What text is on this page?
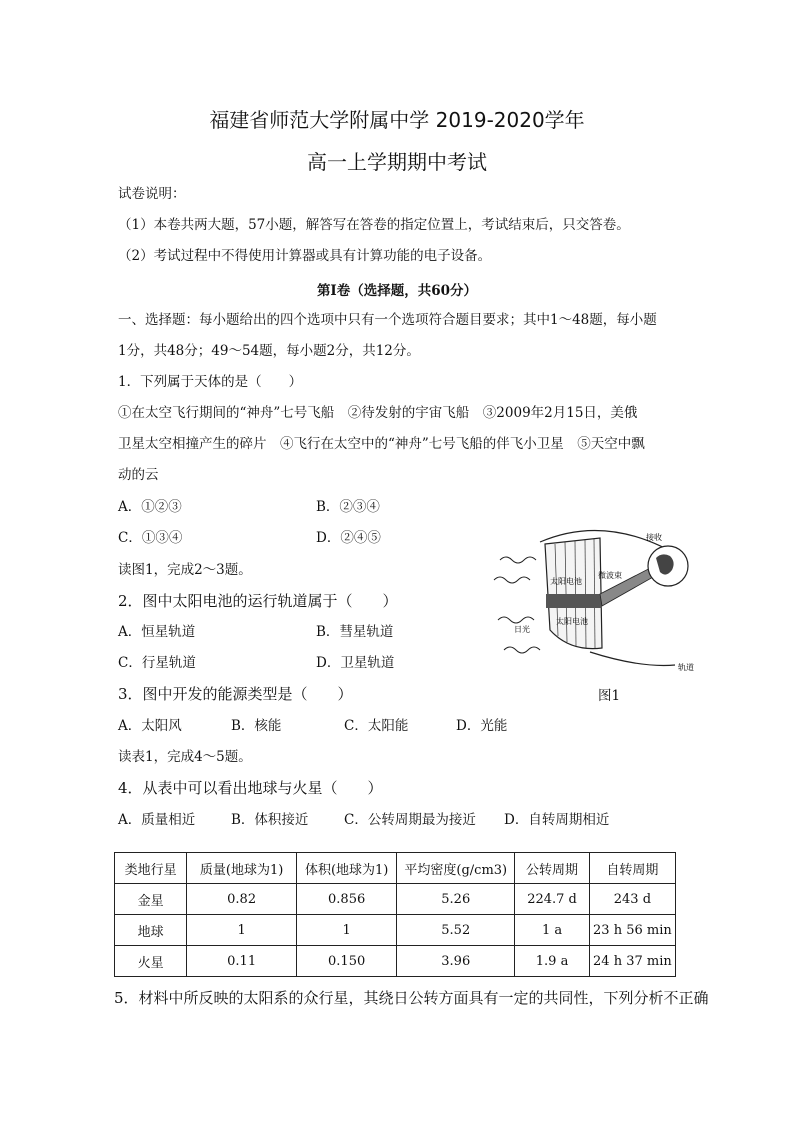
福建省师范大学附属中学 2019-2020学年
高一上学期期中考试
试卷说明：
（1）本卷共两大题，57小题，解答写在答卷的指定位置上，考试结束后，只交答卷。
（2）考试过程中不得使用计算器或具有计算功能的电子设备。
第Ⅰ卷（选择题，共60分）
一、选择题：每小题给出的四个选项中只有一个选项符合题目要求；其中1～48题，每小题
1分，共48分；49～54题，每小题2分，共12分。
1．下列属于天体的是（　　）
①在太空飞行期间的“神舟”七号飞船　②待发射的宇宙飞船　③2009年2月15日，美俄
卫星太空相撞产生的碎片　④飞行在太空中的“神舟”七号飞船的伴飞小卫星　⑤天空中飘
动的云
A．①②③	B．②③④
C．①③④	D．②④⑤
读图1，完成2～3题。
2．图中太阳电池的运行轨道属于（　　）
A．恒星轨道	B．彗星轨道
C．行星轨道	D．卫星轨道
3．图中开发的能源类型是（　　）
A．太阳风	B．核能	C．太阳能	D．光能
读表1，完成4～5题。
4．从表中可以看出地球与火星（　　）
A．质量相近	B．体积接近	C．公转周期最为接近 D．自转周期相近
接收
微波束
太阳电池
太阳电池
日光
轨道
图1
类地行星	质量(地球为1)	体积(地球为1)	平均密度(g/cm3)	公转周期	自转周期
金星	0.82	0.856	5.26	224.7 d	243 d
地球	1	1	5.52	1 a	23 h 56 min
火星	0.11	0.150	3.96	1.9 a	24 h 37 min
5．材料中所反映的太阳系的众行星，其绕日公转方面具有一定的共同性，下列分析不正确
